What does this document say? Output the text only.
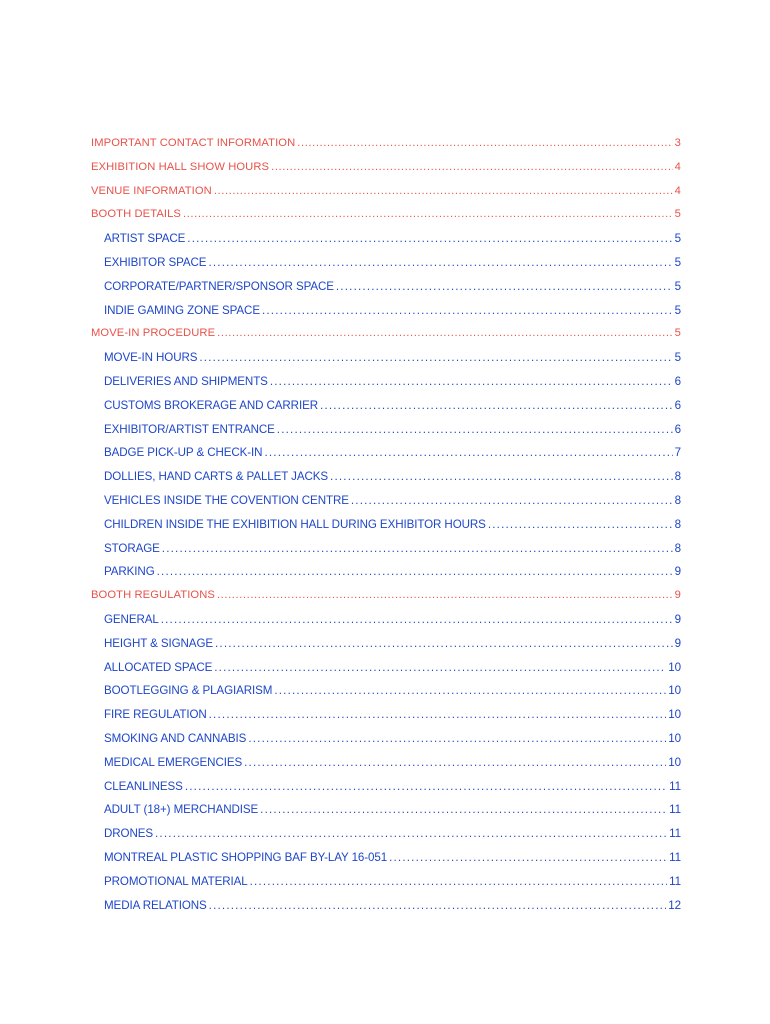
IMPORTANT CONTACT INFORMATION .....	3
EXHIBITION HALL SHOW HOURS .....	4
VENUE INFORMATION .....	4
BOOTH DETAILS .....	5
ARTIST SPACE .....	5
EXHIBITOR SPACE .....	5
CORPORATE/PARTNER/SPONSOR SPACE .....	5
INDIE GAMING ZONE SPACE .....	5
MOVE-IN PROCEDURE .....	5
MOVE-IN HOURS .....	5
DELIVERIES AND SHIPMENTS .....	6
CUSTOMS BROKERAGE AND CARRIER .....	6
EXHIBITOR/ARTIST ENTRANCE .....	6
BADGE PICK-UP & CHECK-IN .....	7
DOLLIES, HAND CARTS & PALLET JACKS .....	8
VEHICLES INSIDE THE COVENTION CENTRE .....	8
CHILDREN INSIDE THE EXHIBITION HALL DURING EXHIBITOR HOURS .....	8
STORAGE .....	8
PARKING .....	9
BOOTH REGULATIONS .....	9
GENERAL .....	9
HEIGHT & SIGNAGE .....	9
ALLOCATED SPACE .....	10
BOOTLEGGING & PLAGIARISM .....	10
FIRE REGULATION .....	10
SMOKING AND CANNABIS .....	10
MEDICAL EMERGENCIES .....	10
CLEANLINESS .....	11
ADULT (18+) MERCHANDISE .....	11
DRONES .....	11
MONTREAL PLASTIC SHOPPING BAF BY-LAY 16-051 .....	11
PROMOTIONAL MATERIAL .....	11
MEDIA RELATIONS .....	12
